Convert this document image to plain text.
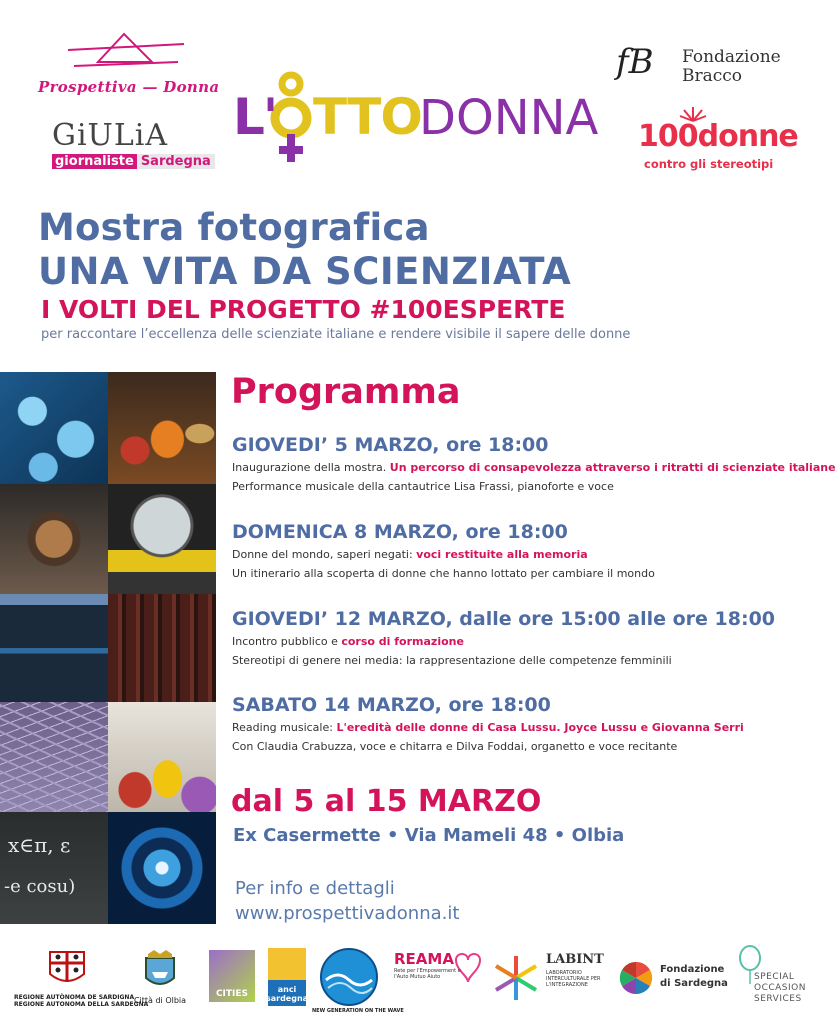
Prospettiva — Donna
GiULiA
giornaliste Sardegna
L' TTO
DONNA
fB Fondazione
Bracco
100donne
contro gli stereotipi
Mostra fotografica
UNA VITA DA SCIENZIATA
I VOLTI DEL PROGETTO #100ESPERTE
per raccontare l’eccellenza delle scienziate italiane e rendere visibile il sapere delle donne
x∈π, ε
-e cosu)
Programma
GIOVEDI’ 5 MARZO, ore 18:00
Inaugurazione della mostra. Un percorso di consapevolezza attraverso i ritratti di scienziate italiane
Performance musicale della cantautrice Lisa Frassi, pianoforte e voce
DOMENICA 8 MARZO, ore 18:00
Donne del mondo, saperi negati: voci restituite alla memoria
Un itinerario alla scoperta di donne che hanno lottato per cambiare il mondo
GIOVEDI’ 12 MARZO, dalle ore 15:00 alle ore 18:00
Incontro pubblico e corso di formazione
Stereotipi di genere nei media: la rappresentazione delle competenze femminili
SABATO 14 MARZO, ore 18:00
Reading musicale: L'eredità delle donne di Casa Lussu. Joyce Lussu e Giovanna Serri
Con Claudia Crabuzza, voce e chitarra e Dilva Foddai, organetto e voce recitante
dal 5 al 15 MARZO
Ex Casermette • Via Mameli 48 • Olbia
Per info e dettagli
www.prospettivadonna.it
REGIONE AUTÒNOMA DE SARDIGNA
REGIONE AUTONOMA DELLA SARDEGNA
Città di Olbia
CITIES	anci sardegna
NEW GENERATION ON THE WAVE
REAMA
Rete per l'Empowerment e l'Auto Mutuo Aiuto
LABINT
LABORATORIO INTERCULTURALE PER L'INTEGRAZIONE
Fondazione
di Sardegna
SPECIAL
OCCASION
SERVICES
